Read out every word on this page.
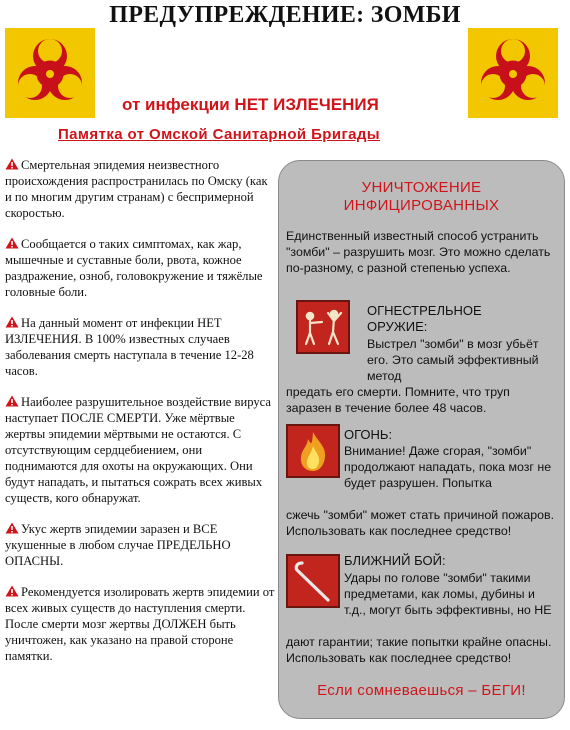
ПРЕДУПРЕЖДЕНИЕ: ЗОМБИ
от инфекции НЕТ ИЗЛЕЧЕНИЯ
Памятка от Омской Санитарной Бригады

Смертельная эпидемия неизвестного происхождения распространилась по Омску (как и по многим другим странам) с беспримерной скоростью.

Сообщается о таких симптомах, как жар, мышечные и суставные боли, рвота, кожное раздражение, озноб, головокружение и тяжёлые головные боли.

На данный момент от инфекции НЕТ ИЗЛЕЧЕНИЯ. В 100% известных случаев заболевания смерть наступала в течение 12-28 часов.

Наиболее разрушительное воздействие вируса наступает ПОСЛЕ СМЕРТИ. Уже мёртвые жертвы эпидемии мёртвыми не остаются. С отсутствующим сердцебиением, они поднимаются для охоты на окружающих. Они будут нападать, и пытаться сожрать всех живых существ, кого обнаружат.

Укус жертв эпидемии заразен и ВСЕ укушенные в любом случае ПРЕДЕЛЬНО ОПАСНЫ.

Рекомендуется изолировать жертв эпидемии от всех живых существ до наступления смерти. После смерти мозг жертвы ДОЛЖЕН быть уничтожен, как указано на правой стороне памятки.

УНИЧТОЖЕНИЕ
ИНФИЦИРОВАННЫХ
Единственный известный способ устранить "зомби" – разрушить мозг. Это можно сделать по-разному, с разной степенью успеха.
ОГНЕСТРЕЛЬНОЕ
ОРУЖИЕ:
Выстрел "зомби" в мозг убьёт его. Это самый эффективный метод
предать его смерти. Помните, что труп заразен в течение более 48 часов.
ОГОНЬ:
Внимание! Даже сгорая, "зомби" продолжают нападать, пока мозг не будет разрушен. Попытка
сжечь "зомби" может стать причиной пожаров. Использовать как последнее средство!
БЛИЖНИЙ БОЙ:
Удары по голове "зомби" такими предметами, как ломы, дубины и т.д., могут быть эффективны, но НЕ
дают гарантии; такие попытки крайне опасны. Использовать как последнее средство!
Если сомневаешься – БЕГИ!
